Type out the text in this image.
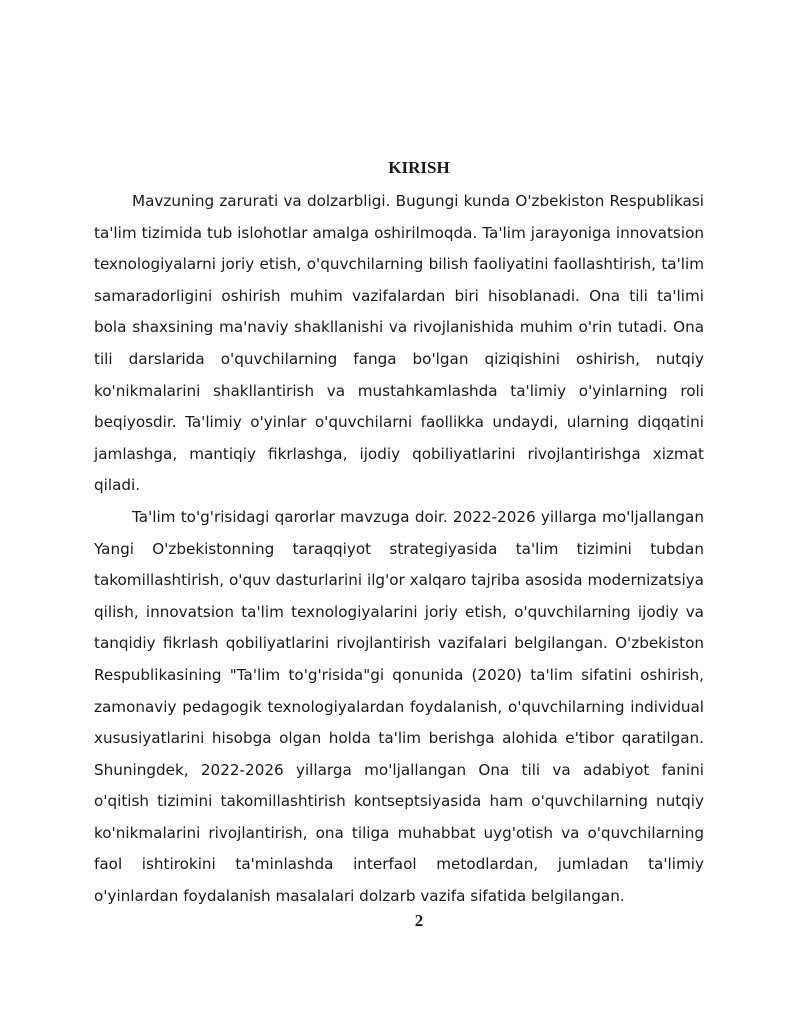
KIRISH

Mavzuning zarurati va dolzarbligi. Bugungi kunda O'zbekiston Respublikasi ta'lim tizimida tub islohotlar amalga oshirilmoqda. Ta'lim jarayoniga innovatsion texnologiyalarni joriy etish, o'quvchilarning bilish faoliyatini faollashtirish, ta'lim samaradorligini oshirish muhim vazifalardan biri hisoblanadi. Ona tili ta'limi bola shaxsining ma'naviy shakllanishi va rivojlanishida muhim o'rin tutadi. Ona tili darslarida o'quvchilarning fanga bo'lgan qiziqishini oshirish, nutqiy ko'nikmalarini shakllantirish va mustahkamlashda ta'limiy o'yinlarning roli beqiyosdir. Ta'limiy o'yinlar o'quvchilarni faollikka undaydi, ularning diqqatini jamlashga, mantiqiy fikrlashga, ijodiy qobiliyatlarini rivojlantirishga xizmat qiladi.

Ta'lim to'g'risidagi qarorlar mavzuga doir. 2022-2026 yillarga mo'ljallangan Yangi O'zbekistonning taraqqiyot strategiyasida ta'lim tizimini tubdan takomillashtirish, o'quv dasturlarini ilg'or xalqaro tajriba asosida modernizatsiya qilish, innovatsion ta'lim texnologiyalarini joriy etish, o'quvchilarning ijodiy va tanqidiy fikrlash qobiliyatlarini rivojlantirish vazifalari belgilangan. O'zbekiston Respublikasining "Ta'lim to'g'risida"gi qonunida (2020) ta'lim sifatini oshirish, zamonaviy pedagogik texnologiyalardan foydalanish, o'quvchilarning individual xususiyatlarini hisobga olgan holda ta'lim berishga alohida e'tibor qaratilgan. Shuningdek, 2022-2026 yillarga mo'ljallangan Ona tili va adabiyot fanini o'qitish tizimini takomillashtirish kontseptsiyasida ham o'quvchilarning nutqiy ko'nikmalarini rivojlantirish, ona tiliga muhabbat uyg'otish va o'quvchilarning faol ishtirokini ta'minlashda interfaol metodlardan, jumladan ta'limiy o'yinlardan foydalanish masalalari dolzarb vazifa sifatida belgilangan.

2
